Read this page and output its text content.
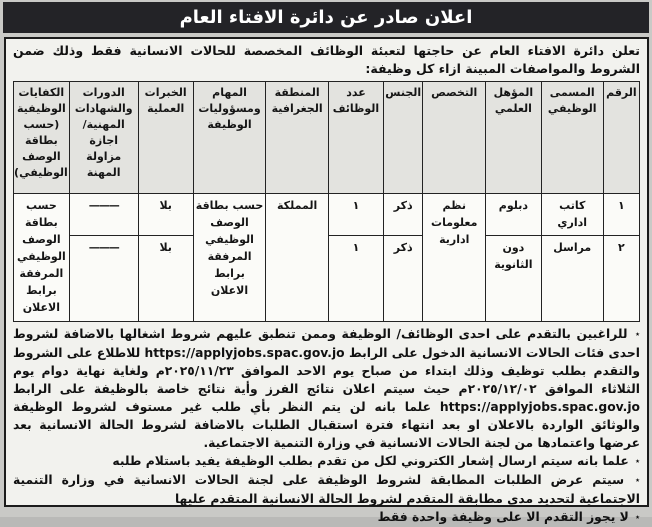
اعلان صادر عن دائرة الافتاء العام
تعلن دائرة الافتاء العام عن حاجتها لتعبئة الوظائف المخصصة للحالات الانسانية فقط وذلك ضمن الشروط والمواصفات المبينة ازاء كل وظيفة:
الرقم	المسمى الوظيفي	المؤهل العلمي	التخصص	الجنس	عدد الوظائف	المنطقة الجغرافية	المهام ومسؤوليات الوظيفة	الخبرات العملية	الدورات والشهادات المهنية/ اجازة مزاولة المهنة	الكفايات الوظيفية (حسب بطاقة الوصف الوظيفي)
١	كاتب اداري	دبلوم	نظم معلومات ادارية	ذكر	١	المملكة	حسب بطاقة الوصف الوظيفي المرفقة برابط الاعلان	بلا	———	حسب بطاقة الوصف الوظيفي المرفقة برابط الاعلان
٢	مراسل	دون الثانوية		ذكر	١			بلا	———	
٭ للراغبين بالتقدم على احدى الوظائف/ الوظيفة وممن تنطبق عليهم شروط اشغالها بالاضافة لشروط احدى فئات الحالات الانسانية الدخول على الرابط https://applyjobs.spac.gov.jo للاطلاع على الشروط والتقدم بطلب توظيف وذلك ابتداء من صباح يوم الاحد الموافق ٢٠٢٥/١١/٢٣م ولغاية نهاية دوام يوم الثلاثاء الموافق ٢٠٢٥/١٢/٠٢م حيث سيتم اعلان نتائج الفرز وأية نتائج خاصة بالوظيفة على الرابط https://applyjobs.spac.gov.jo علما بانه لن يتم النظر بأي طلب غير مستوف لشروط الوظيفة والوثائق الواردة بالاعلان او بعد انتهاء فترة استقبال الطلبات بالاضافة لشروط الحالة الانسانية بعد عرضها واعتمادها من لجنة الحالات الانسانية في وزارة التنمية الاجتماعية.
٭ علما بانه سيتم ارسال إشعار الكتروني لكل من تقدم بطلب الوظيفة يفيد باستلام طلبه
٭ سيتم عرض الطلبات المطابقة لشروط الوظيفة على لجنة الحالات الانسانية في وزارة التنمية الاجتماعية لتحديد مدى مطابقة المتقدم لشروط الحالة الانسانية المتقدم عليها
٭ لا يجوز التقدم الا على وظيفة واحدة فقط
